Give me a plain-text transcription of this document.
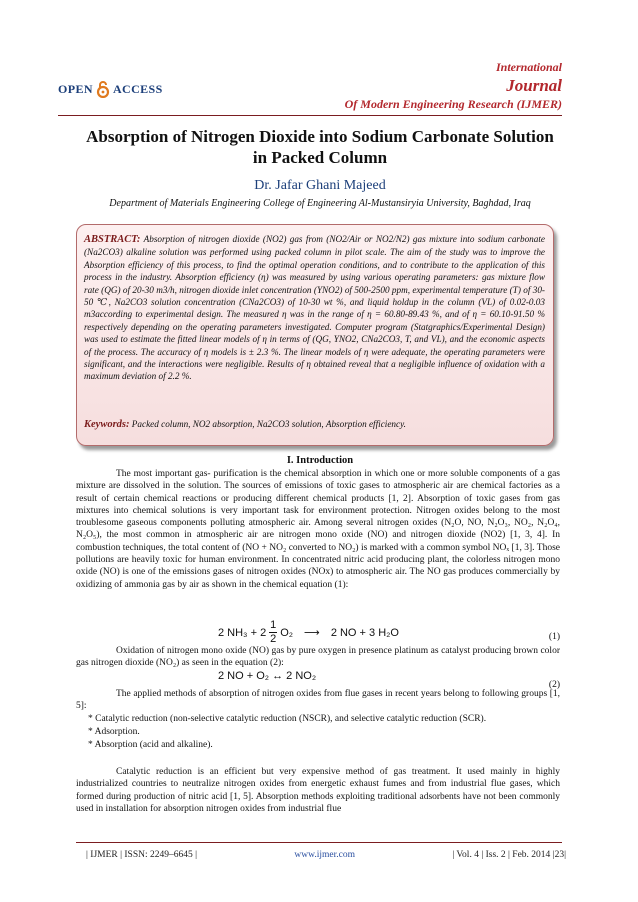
OPEN ACCESS
International
Journal
Of Modern Engineering Research (IJMER)
Absorption of Nitrogen Dioxide into Sodium Carbonate Solution
in Packed Column
Dr. Jafar Ghani Majeed
Department of Materials Engineering College of Engineering Al-Mustansiryia University, Baghdad, Iraq
ABSTRACT: Absorption of nitrogen dioxide (NO2) gas from (NO2/Air or NO2/N2) gas mixture into sodium carbonate (Na2CO3) alkaline solution was performed using packed column in pilot scale. The aim of the study was to improve the Absorption efficiency of this process, to find the optimal operation conditions, and to contribute to the application of this process in the industry. Absorption efficiency (η) was measured by using various operating parameters: gas mixture flow rate (QG) of 20-30 m3/h, nitrogen dioxide inlet concentration (YNO2) of 500-2500 ppm, experimental temperature (T) of 30-50 ℃, Na2CO3 solution concentration (CNa2CO3) of 10-30 wt %, and liquid holdup in the column (VL) of 0.02-0.03 m3according to experimental design. The measured η was in the range of η = 60.80-89.43 %, and of η = 60.10-91.50 % respectively depending on the operating parameters investigated. Computer program (Statgraphics/Experimental Design) was used to estimate the fitted linear models of η in terms of (QG, YNO2, CNa2CO3, T, and VL), and the economic aspects of the process. The accuracy of η models is ± 2.3 %. The linear models of η were adequate, the operating parameters were significant, and the interactions were negligible. Results of η obtained reveal that a negligible influence of oxidation with a maximum deviation of 2.2 %.
Keywords: Packed column, NO2 absorption, Na2CO3 solution, Absorption efficiency.
I. Introduction
The most important gas- purification is the chemical absorption in which one or more soluble components of a gas mixture are dissolved in the solution. The sources of emissions of toxic gases to atmospheric air are chemical factories as a result of certain chemical reactions or producing different chemical products [1, 2]. Absorption of toxic gases from gas mixtures into chemical solutions is very important task for environment protection. Nitrogen oxides belong to the most troublesome gaseous components polluting atmospheric air. Among several nitrogen oxides (N₂O, NO, N₂O₃, NO₂, N₂O₄, N₂O₅), the most common in atmospheric air are nitrogen mono oxide (NO) and nitrogen dioxide (NO2) [1, 3, 4]. In combustion techniques, the total content of (NO + NO₂ converted to NO₂) is marked with a common symbol NOₓ [1, 3]. Those pollutions are heavily toxic for human environment. In concentrated nitric acid producing plant, the colorless nitrogen mono oxide (NO) is one of the emissions gases of nitrogen oxides (NOx) to atmospheric air. The NO gas produces commercially by oxidizing of ammonia gas by air as shown in the chemical equation (1):
2 $NH_3 + 2 \frac{1}{2} O_2$ ⟶ 2 NO + 3 H₂O	(1)
Oxidation of nitrogen mono oxide (NO) gas by pure oxygen in presence platinum as catalyst producing brown color gas nitrogen dioxide (NO₂) as seen in the equation (2):
2 NO + O₂ ↔ 2 NO₂
(2)
The applied methods of absorption of nitrogen oxides from flue gases in recent years belong to following groups [1, 5]:
* Catalytic reduction (non-selective catalytic reduction (NSCR), and selective catalytic reduction (SCR).
* Adsorption.
* Absorption (acid and alkaline).
Catalytic reduction is an efficient but very expensive method of gas treatment. It used mainly in highly industrialized countries to neutralize nitrogen oxides from energetic exhaust fumes and from industrial flue gases, which formed during production of nitric acid [1, 5]. Absorption methods exploiting traditional adsorbents have not been commonly used in installation for absorption nitrogen oxides from industrial flue
| IJMER | ISSN: 2249–6645 |	www.ijmer.com	| Vol. 4 | Iss. 2 | Feb. 2014 |23|
